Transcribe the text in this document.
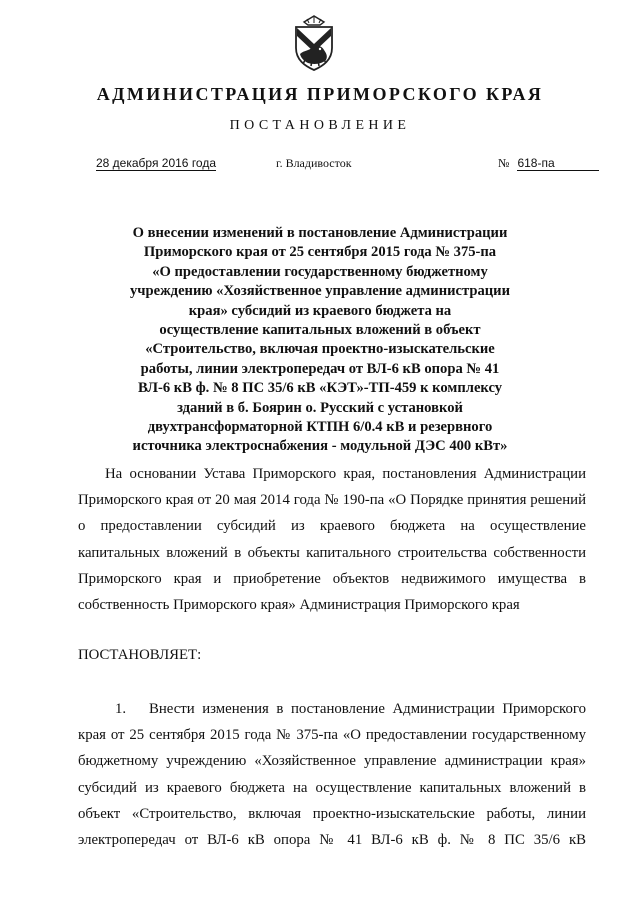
АДМИНИСТРАЦИЯ ПРИМОРСКОГО КРАЯ
ПОСТАНОВЛЕНИЕ
28 декабря 2016 года	г. Владивосток	№ 618-па
О внесении изменений в постановление Администрации
Приморского края от 25 сентября 2015 года № 375-па
«О предоставлении государственному бюджетному
учреждению «Хозяйственное управление администрации
края» субсидий из краевого бюджета на
осуществление капитальных вложений в объект
«Строительство, включая проектно-изыскательские
работы, линии электропередач от ВЛ-6 кВ опора № 41
ВЛ-6 кВ ф. № 8 ПС 35/6 кВ «КЭТ»-ТП-459 к комплексу
зданий в б. Боярин о. Русский с установкой
двухтрансформаторной КТПН 6/0.4 кВ и резервного
источника электроснабжения - модульной ДЭС 400 кВт»
На основании Устава Приморского края, постановления Администрации
Приморского края от 20 мая 2014 года № 190-па «О Порядке принятия решений
о предоставлении субсидий из краевого бюджета на осуществление
капитальных вложений в объекты капитального строительства собственности
Приморского края и приобретение объектов недвижимого имущества в
собственность Приморского края» Администрация Приморского края
ПОСТАНОВЛЯЕТ:
1. Внести изменения в постановление Администрации Приморского
края от 25 сентября 2015 года № 375-па «О предоставлении государственному
бюджетному учреждению «Хозяйственное управление администрации края»
субсидий из краевого бюджета на осуществление капитальных вложений в
объект «Строительство, включая проектно-изыскательские работы, линии
электропередач от ВЛ-6 кВ опора № 41 ВЛ-6 кВ ф. № 8 ПС 35/6 кВ
